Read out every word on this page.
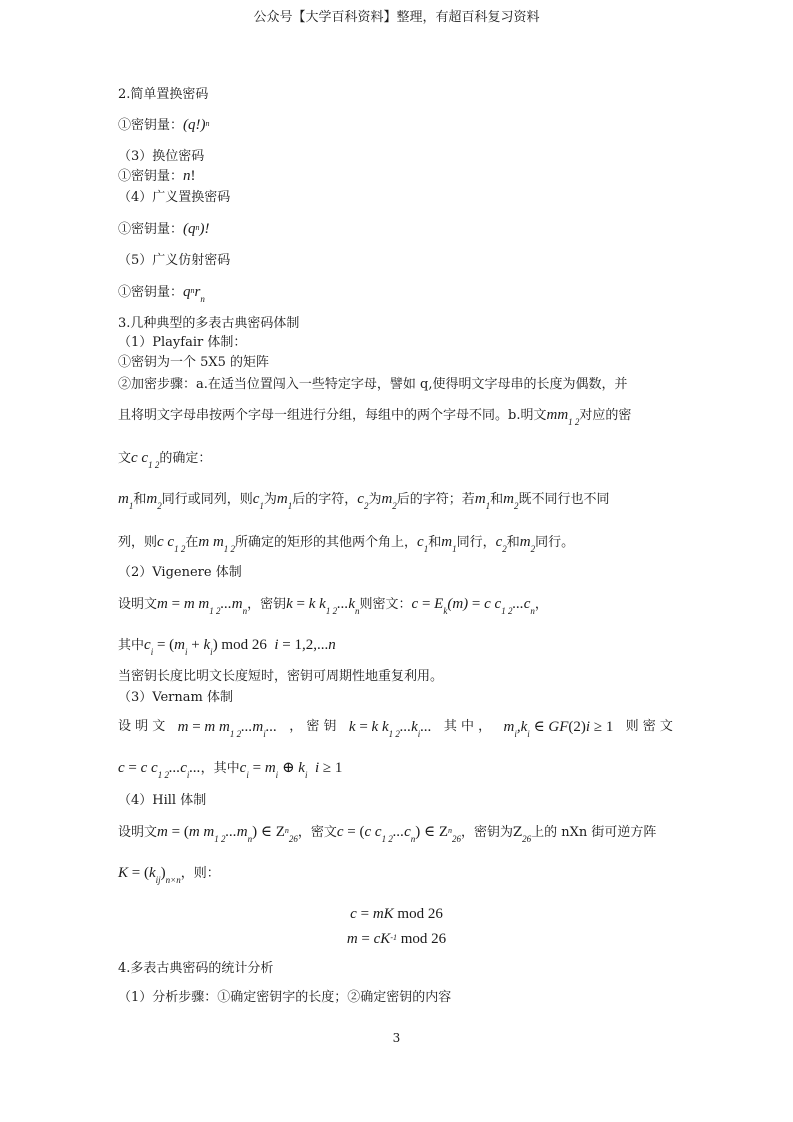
公众号【大学百科资料】整理，有超百科复习资料
2.简单置换密码
①密钥量：$(q!)^n$
（3）换位密码
①密钥量：n!
（4）广义置换密码
①密钥量：$(q^n)$!
（5）广义仿射密码
①密钥量：$q^nr_n$
3.几种典型的多表古典密码体制
（1）Playfair 体制：
①密钥为一个 5X5 的矩阵
②加密步骤：a.在适当位置闯入一些特定字母，譬如 q,使得明文字母串的长度为偶数，并
且将明文字母串按两个字母一组进行分组，每组中的两个字母不同。b.明文$mm_{1 2}$对应的密
文c $c_{1 2}$的确定：
$m_1$和$m_2$同行或同列，则$c_1$为$m_1$后的字符，$c_2$为$m_2$后的字符；若$m_1$和$m_2$既不同行也不同
列，则c $c_{1 2}$在m $m_{1 2}$所确定的矩形的其他两个角上，$c_1$和$m_1$同行，$c_2$和$m_2$同行。
（2）Vigenere 体制
设明文m = m $m_{1 2}...m_n$，密钥k = k $k_{1 2}...k_n$则密文：$c = E_k(m) = c$ $c_{1 2}...c_n$，
其中$c_i = (m_i + k_i)$ mod 26  i = 1,2,...n
当密钥长度比明文长度短时，密钥可周期性地重复利用。
（3）Vernam 体制
设 明 文 m = m $m_{1 2}...m_i$... ， 密 钥 k = k $k_{1 2}...k_i$... 其 中 ， $m_i,k_i$ ∈ GF(2)i ≥ 1 则 密 文
c = c $c_{1 2}...c_i$...，其中$c_i = m_i$ ⊕ $k_i$ i ≥ 1
（4）Hill 体制
设明文m = (m $m_{1 2}...m_n$) ∈ $Z^n_{26}$，密文c = (c $c_{1 2}...c_n$) ∈ $Z^n_{26}$，密钥为$Z_{26}$上的 nXn 街可逆方阵
$K = (k_{ij})_{n\times n}$，则：
c = mK mod 26
m = cK-1 mod 26
4.多表古典密码的统计分析
（1）分析步骤：①确定密钥字的长度；②确定密钥的内容
3
